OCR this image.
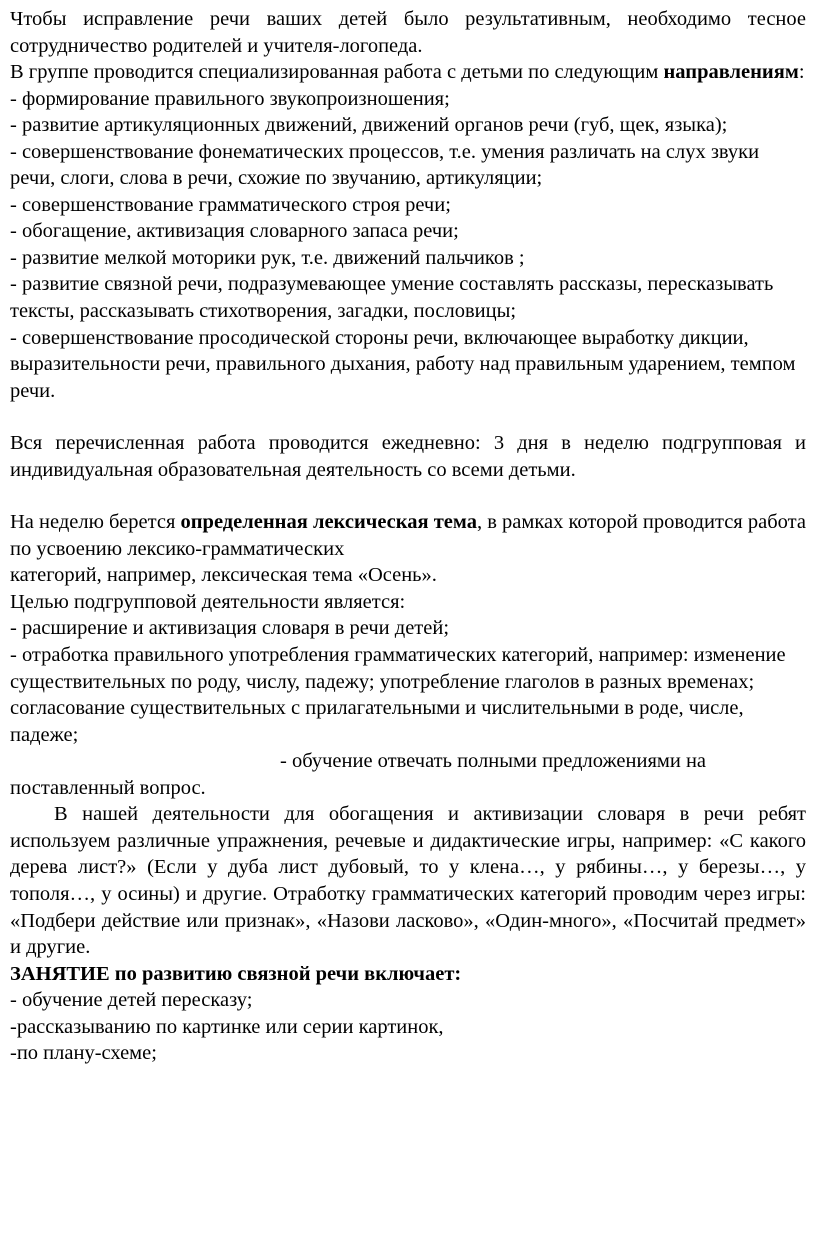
Чтобы исправление речи ваших детей было результативным, необходимо тесное сотрудничество родителей и учителя-логопеда.

В группе проводится специализированная работа с детьми по следующим направлениям:

- формирование правильного звукопроизношения;

- развитие артикуляционных движений, движений органов речи (губ, щек, языка);

- совершенствование фонематических процессов, т.е. умения различать на слух звуки речи, слоги, слова в речи, схожие по звучанию, артикуляции;

- совершенствование грамматического строя речи;

- обогащение, активизация словарного запаса речи;

- развитие мелкой моторики рук, т.е. движений пальчиков ;

- развитие связной речи, подразумевающее умение составлять рассказы, пересказывать тексты, рассказывать стихотворения, загадки, пословицы;

- совершенствование просодической стороны речи, включающее выработку дикции, выразительности речи, правильного дыхания, работу над правильным ударением, темпом речи.

Вся перечисленная работа проводится ежедневно: 3 дня в неделю подгрупповая и индивидуальная образовательная деятельность со всеми детьми.

На неделю берется определенная лексическая тема, в рамках которой проводится работа по усвоению лексико-грамматических

категорий, например, лексическая тема «Осень».

Целью подгрупповой деятельности является:

- расширение и активизация словаря в речи детей;

- отработка правильного употребления грамматических категорий, например: изменение существительных по роду, числу, падежу; употребление глаголов в разных временах; согласование существительных с прилагательными и числительными в роде, числе,

падеже;

- обучение отвечать полными предложениями на поставленный вопрос.

В нашей деятельности для обогащения и активизации словаря в речи ребят используем различные упражнения, речевые и дидактические игры, например: «С какого дерева лист?» (Если у дуба лист дубовый, то у клена…, у рябины…, у березы…, у тополя…, у осины) и другие. Отработку грамматических категорий проводим через игры: «Подбери действие или признак», «Назови ласково», «Один-много», «Посчитай предмет» и другие.

ЗАНЯТИЕ по развитию связной речи включает:

- обучение детей пересказу;

-рассказыванию по картинке или серии картинок,

-по плану-схеме;
